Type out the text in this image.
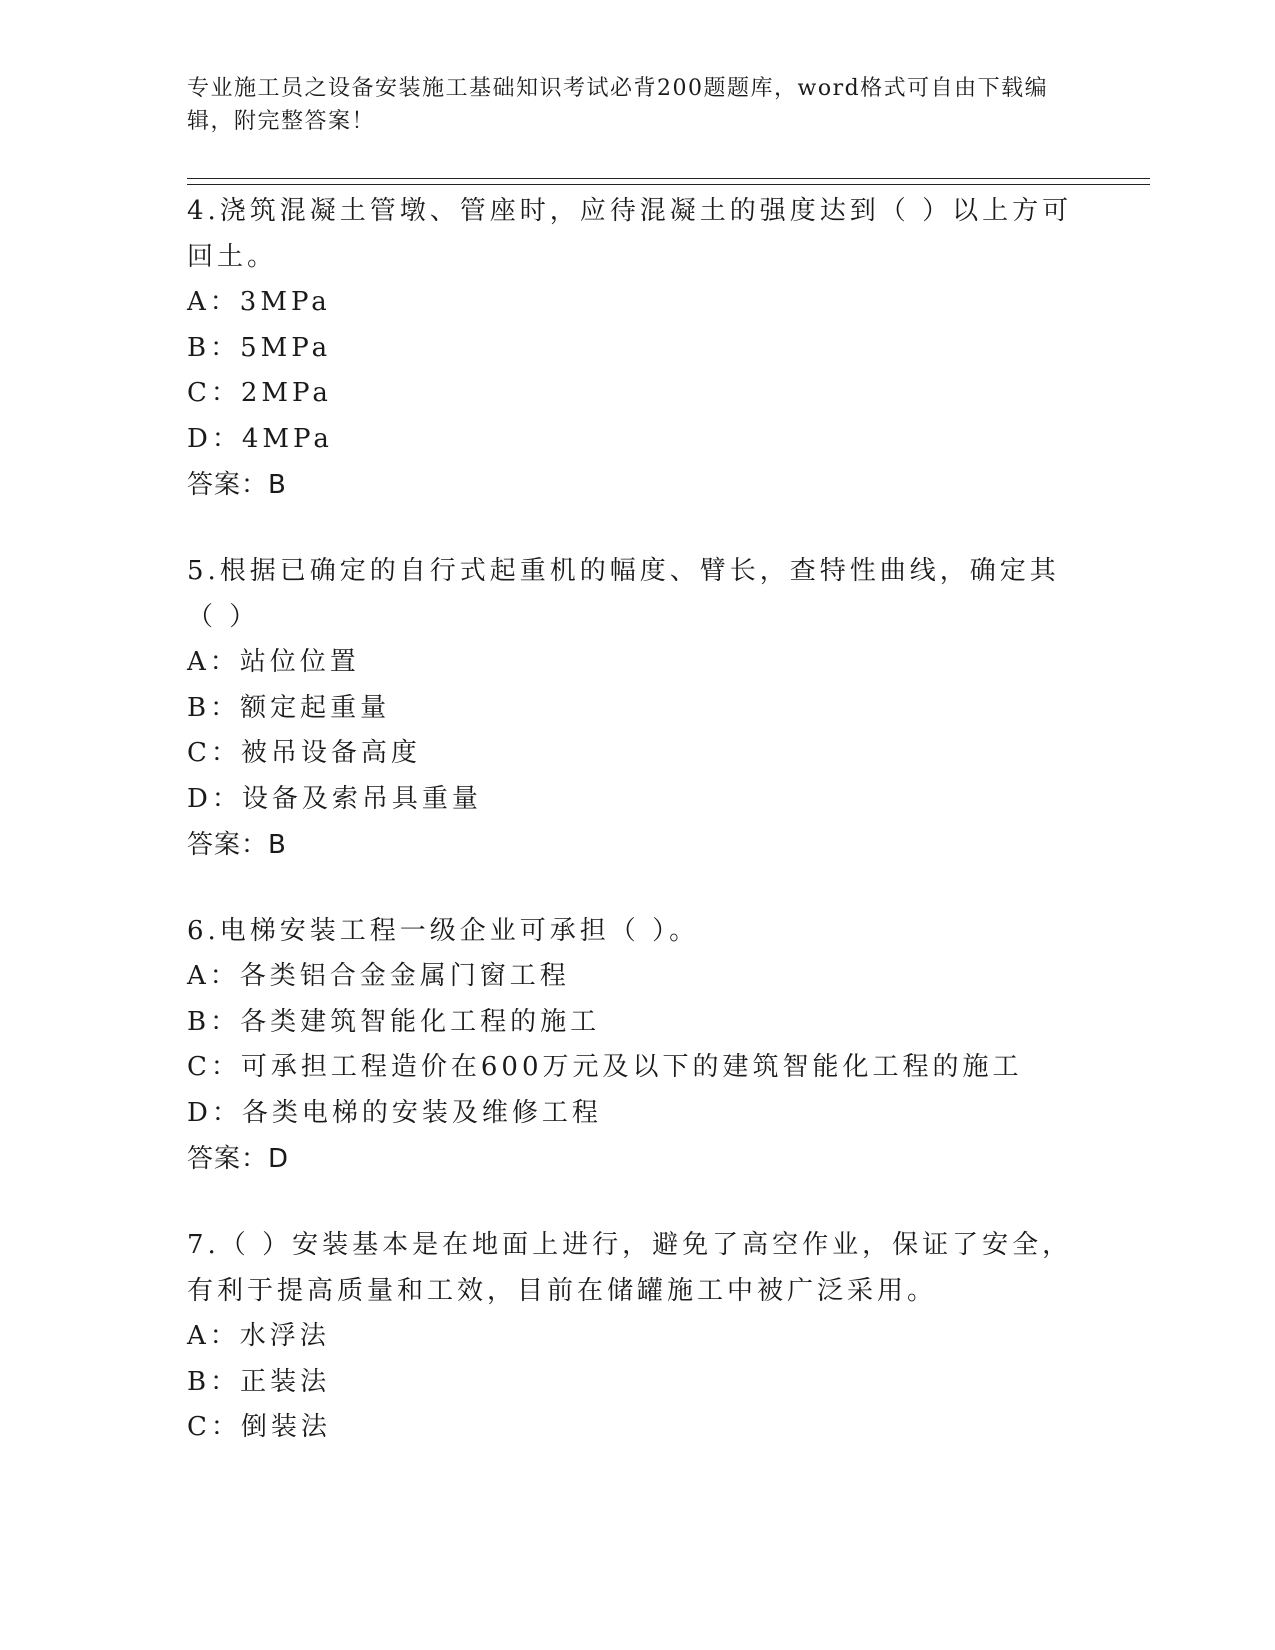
专业施工员之设备安装施工基础知识考试必背200题题库，word格式可自由下载编辑，附完整答案！

4.浇筑混凝土管墩、管座时，应待混凝土的强度达到（ ）以上方可回土。

A：3MPa

B：5MPa

C：2MPa

D：4MPa

答案：B

5.根据已确定的自行式起重机的幅度、臂长，查特性曲线，确定其（ ）

A：站位位置

B：额定起重量

C：被吊设备高度

D：设备及索吊具重量

答案：B

6.电梯安装工程一级企业可承担（ ）。

A：各类铝合金金属门窗工程

B：各类建筑智能化工程的施工

C：可承担工程造价在600万元及以下的建筑智能化工程的施工

D：各类电梯的安装及维修工程

答案：D

7.（ ）安装基本是在地面上进行，避免了高空作业，保证了安全，有利于提高质量和工效，目前在储罐施工中被广泛采用。

A：水浮法

B：正装法

C：倒装法
